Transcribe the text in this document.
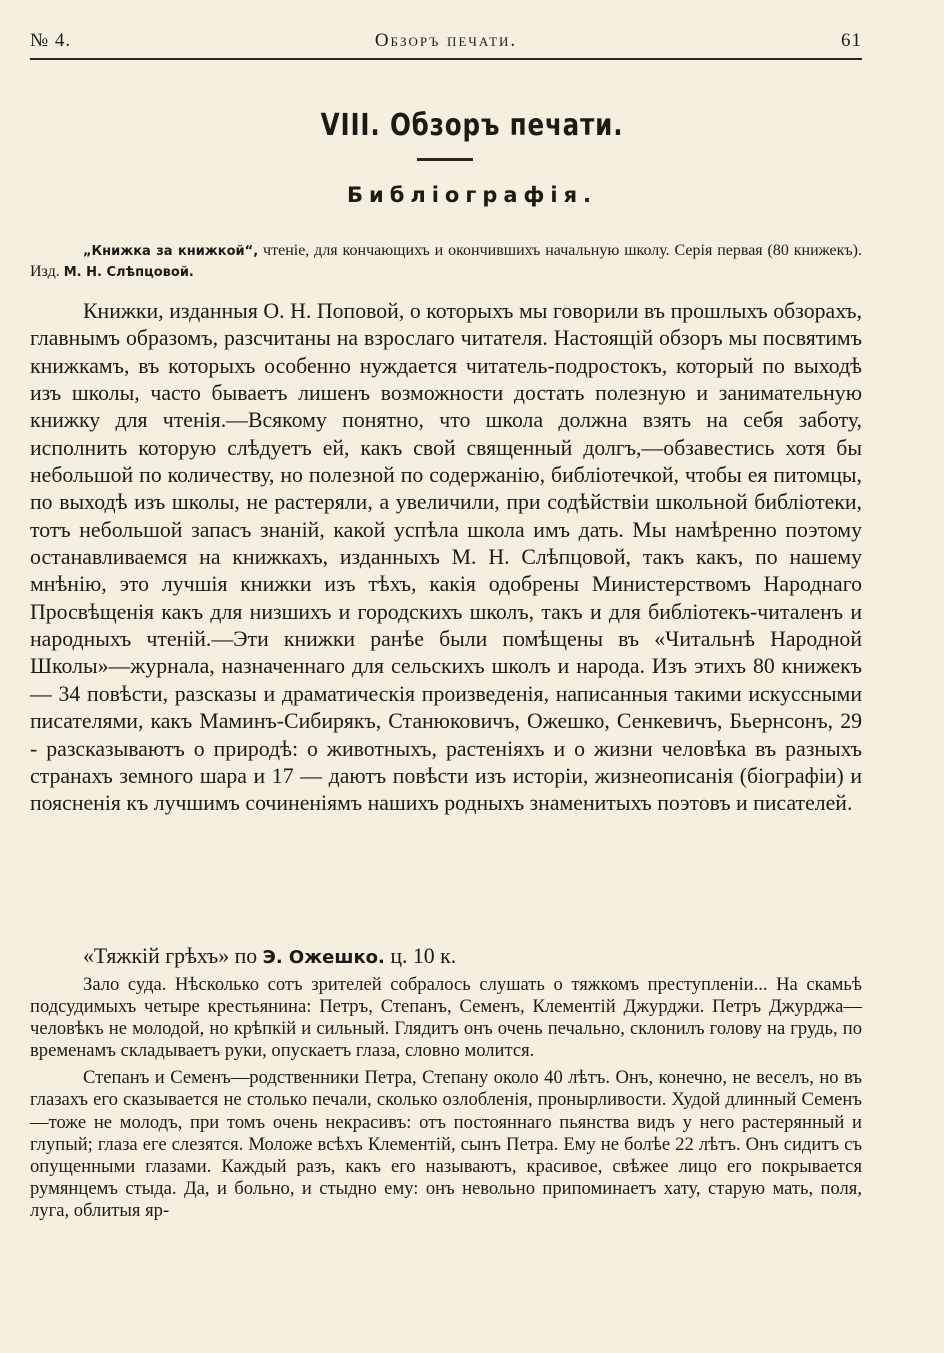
№ 4.	Обзоръ печати.	61
VIII. Обзоръ печати.
Библіографія.
„Книжка за книжкой“, чтеніе, для кончающихъ и окончившихъ начальную школу. Серія первая (80 книжекъ). Изд. М. Н. Слѣпцовой.

Книжки, изданныя О. Н. Поповой, о которыхъ мы говорили въ прошлыхъ обзорахъ, главнымъ образомъ, разсчитаны на взрослаго читателя. Настоящій обзоръ мы посвятимъ книжкамъ, въ которыхъ особенно нуждается читатель-подростокъ, который по выходѣ изъ школы, часто бываетъ лишенъ возможности достать полезную и занимательную книжку для чтенія.—Всякому понятно, что школа должна взять на себя заботу, исполнить которую слѣдуетъ ей, какъ свой священный долгъ,—обзавестись хотя бы небольшой по количеству, но полезной по содержанію, библіотечкой, чтобы ея питомцы, по выходѣ изъ школы, не растеряли, а увеличили, при содѣйствіи школьной библіотеки, тотъ небольшой запасъ знаній, какой успѣла школа имъ дать. Мы намѣренно поэтому останавливаемся на книжкахъ, изданныхъ М. Н. Слѣпцовой, такъ какъ, по нашему мнѣнію, это лучшія книжки изъ тѣхъ, какія одобрены Министерствомъ Народнаго Просвѣщенія какъ для низшихъ и городскихъ школъ, такъ и для библіотекъ-читаленъ и народныхъ чтеній.—Эти книжки ранѣе были помѣщены въ «Читальнѣ Народной Школы»—журнала, назначеннаго для сельскихъ школъ и народа. Изъ этихъ 80 книжекъ — 34 повѣсти, разсказы и драматическія произведенія, написанныя такими искуссными писателями, какъ Маминъ-Сибирякъ, Станюковичъ, Ожешко, Сенкевичъ, Бьернсонъ, 29 - разсказываютъ о природѣ: о животныхъ, растеніяхъ и о жизни человѣка въ разныхъ странахъ земного шара и 17 — даютъ повѣсти изъ исторіи, жизнеописанія (біографіи) и поясненія къ лучшимъ сочиненіямъ нашихъ родныхъ знаменитыхъ поэтовъ и писателей.

«Тяжкій грѣхъ» по Э. Ожешко. ц. 10 к.

Зало суда. Нѣсколько сотъ зрителей собралось слушать о тяжкомъ преступленіи... На скамьѣ подсудимыхъ четыре крестьянина: Петръ, Степанъ, Семенъ, Клементій Джурджи. Петръ Джурджа—человѣкъ не молодой, но крѣпкій и сильный. Глядитъ онъ очень печально, склонилъ голову на грудь, по временамъ складываетъ руки, опускаетъ глаза, словно молится.

Степанъ и Семенъ—родственники Петра, Степану около 40 лѣтъ. Онъ, конечно, не веселъ, но въ глазахъ его сказывается не столько печали, сколько озлобленія, пронырливости. Худой длинный Семенъ—тоже не молодъ, при томъ очень некрасивъ: отъ постояннаго пьянства видъ у него растерянный и глупый; глаза еге слезятся. Моложе всѣхъ Клементій, сынъ Петра. Ему не болѣе 22 лѣтъ. Онъ сидитъ съ опущенными глазами. Каждый разъ, какъ его называютъ, красивое, свѣжее лицо его покрывается румянцемъ стыда. Да, и больно, и стыдно ему: онъ невольно припоминаетъ хату, старую мать, поля, луга, облитыя яр-
